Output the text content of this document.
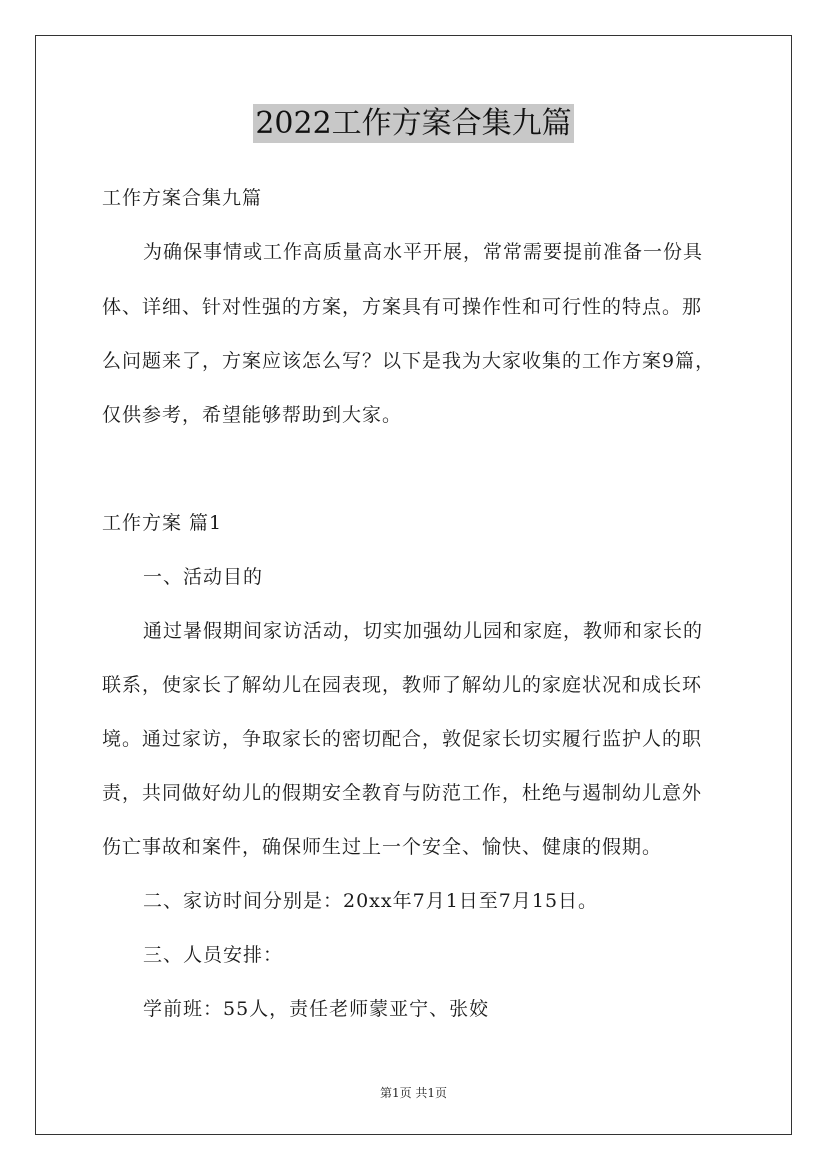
2022工作方案合集九篇
工作方案合集九篇
为确保事情或工作高质量高水平开展，常常需要提前准备一份具
体、详细、针对性强的方案，方案具有可操作性和可行性的特点。那
么问题来了，方案应该怎么写？以下是我为大家收集的工作方案9篇，
仅供参考，希望能够帮助到大家。
工作方案 篇1
一、活动目的
通过暑假期间家访活动，切实加强幼儿园和家庭，教师和家长的
联系，使家长了解幼儿在园表现，教师了解幼儿的家庭状况和成长环
境。通过家访，争取家长的密切配合，敦促家长切实履行监护人的职
责，共同做好幼儿的假期安全教育与防范工作，杜绝与遏制幼儿意外
伤亡事故和案件，确保师生过上一个安全、愉快、健康的假期。
二、家访时间分别是：20xx年7月1日至7月15日。
三、人员安排：
学前班：55人，责任老师蒙亚宁、张姣
第1页 共1页
